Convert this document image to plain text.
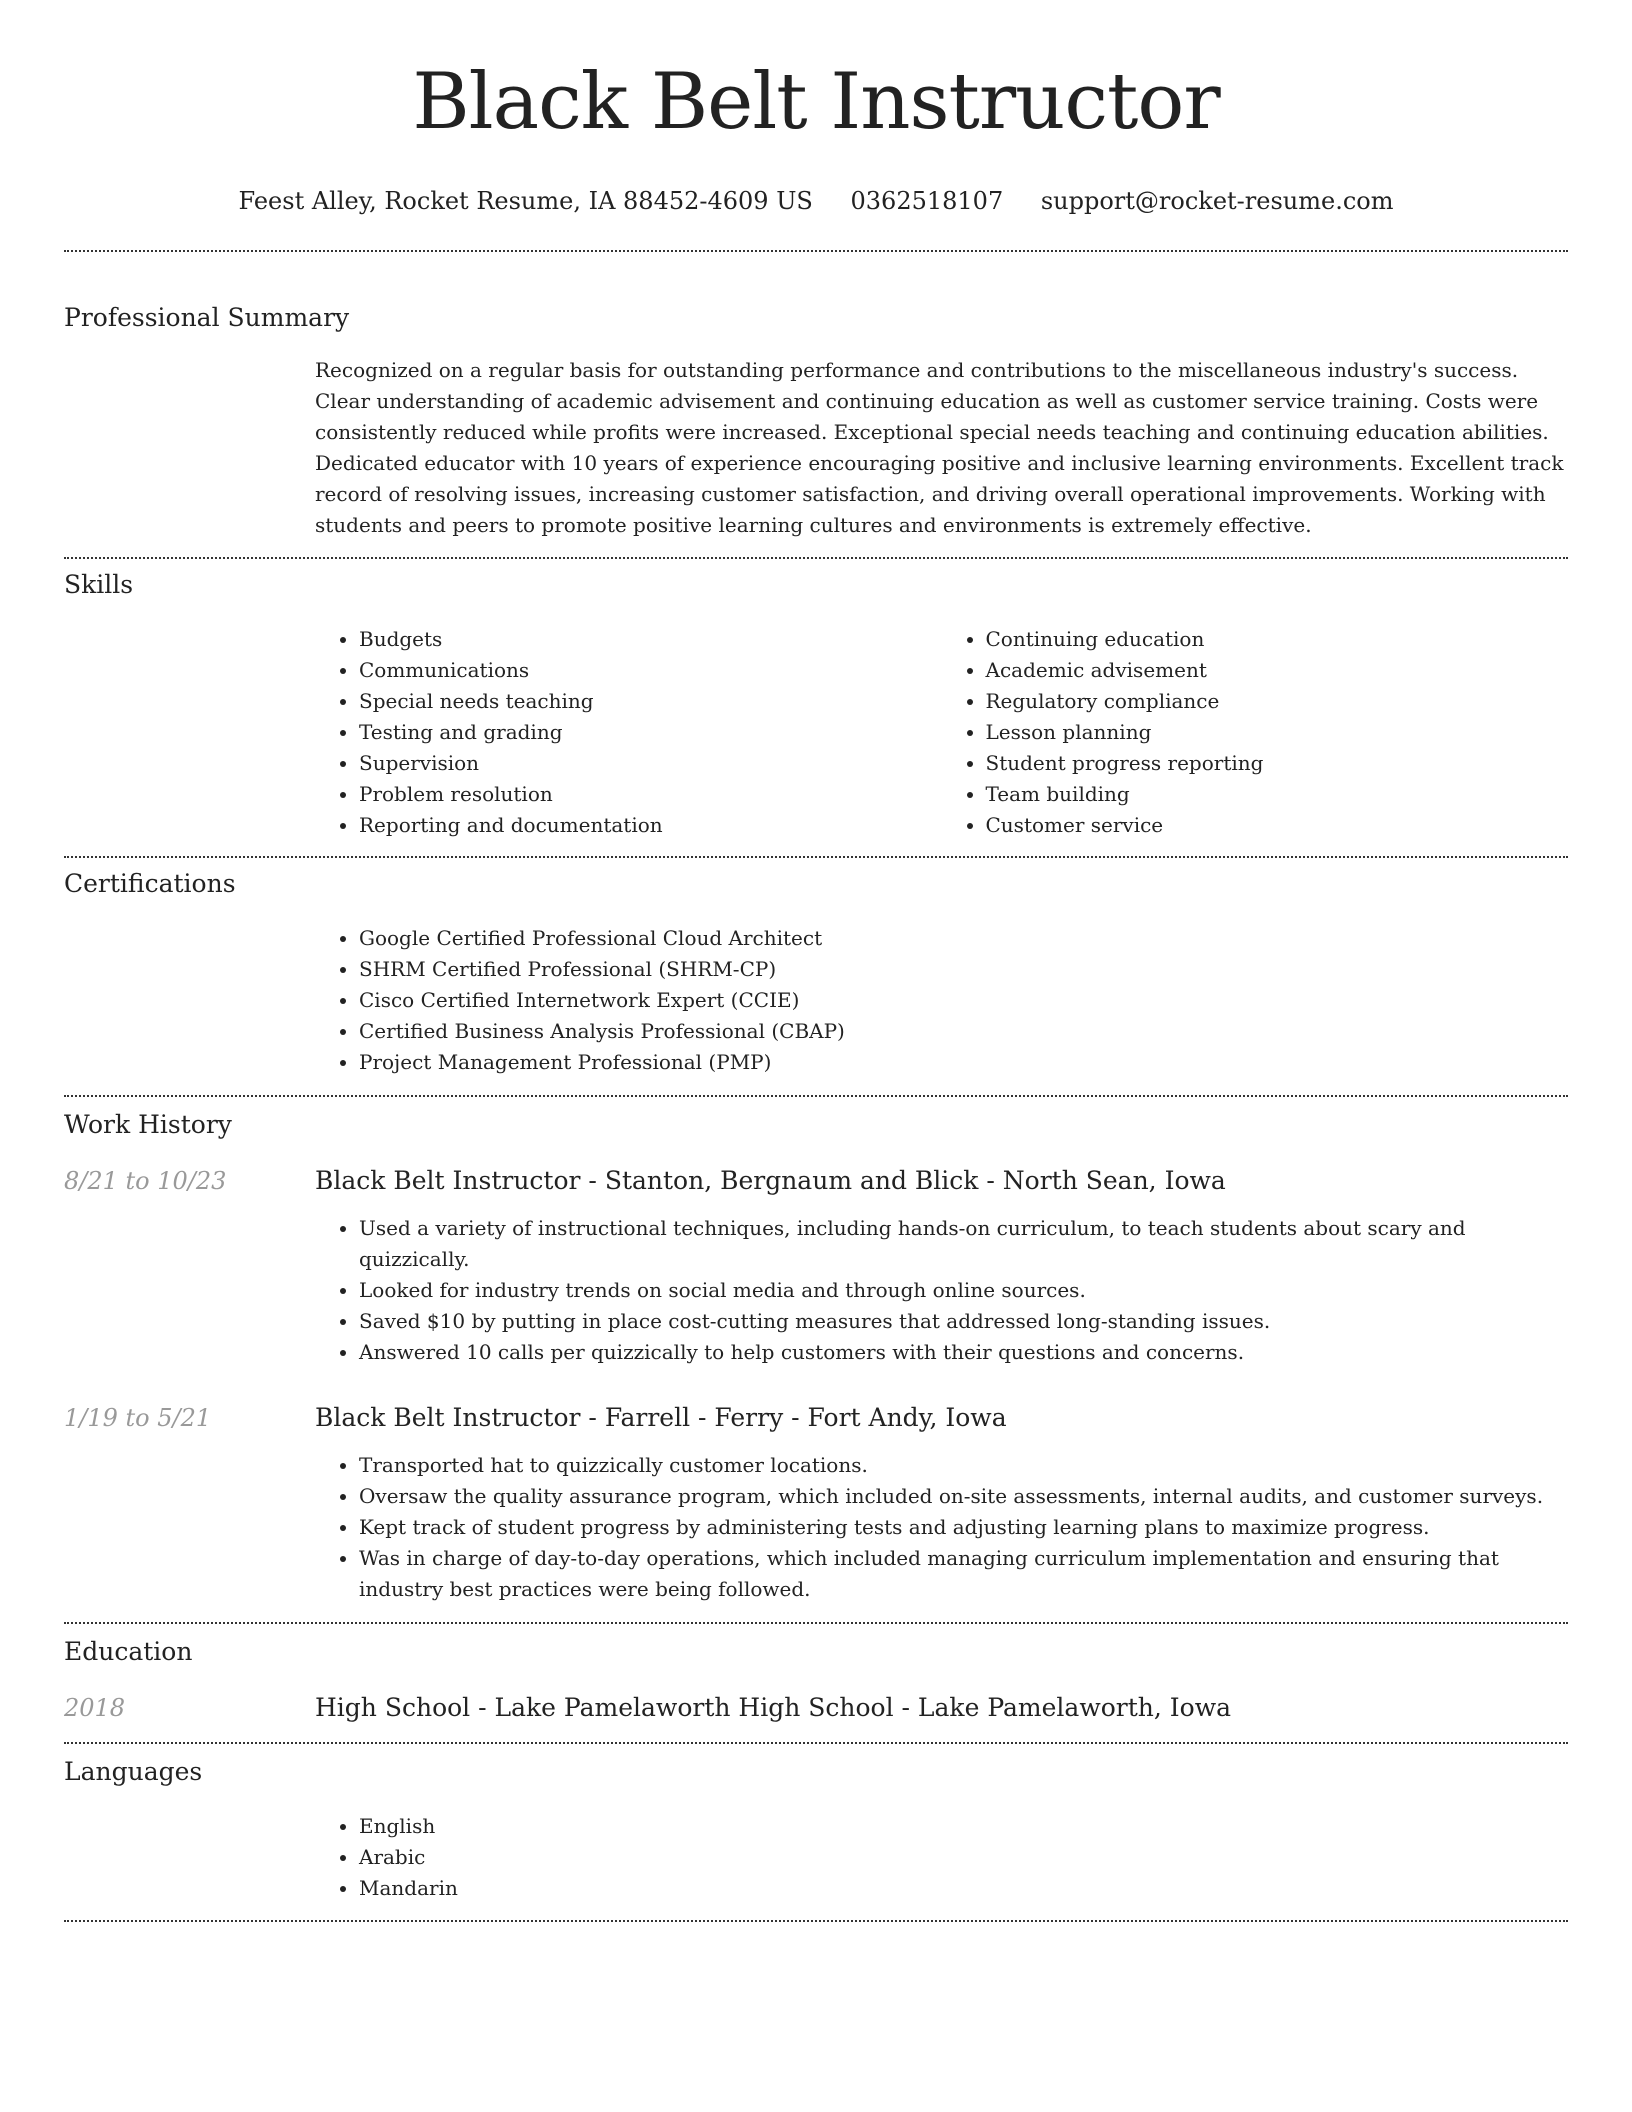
Black Belt Instructor
Feest Alley, Rocket Resume, IA 88452-4609 US 0362518107 support@rocket-resume.com
Professional Summary

Recognized on a regular basis for outstanding performance and contributions to the miscellaneous industry's success. Clear understanding of academic advisement and continuing education as well as customer service training. Costs were consistently reduced while profits were increased. Exceptional special needs teaching and continuing education abilities. Dedicated educator with 10 years of experience encouraging positive and inclusive learning environments. Excellent track record of resolving issues, increasing customer satisfaction, and driving overall operational improvements. Working with students and peers to promote positive learning cultures and environments is extremely effective.

Skills
• Budgets
• Communications
• Special needs teaching
• Testing and grading
• Supervision
• Problem resolution
• Reporting and documentation
• Continuing education
• Academic advisement
• Regulatory compliance
• Lesson planning
• Student progress reporting
• Team building
• Customer service
Certifications
• Google Certified Professional Cloud Architect
• SHRM Certified Professional (SHRM-CP)
• Cisco Certified Internetwork Expert (CCIE)
• Certified Business Analysis Professional (CBAP)
• Project Management Professional (PMP)
Work History
8/21 to 10/23	Black Belt Instructor - Stanton, Bergnaum and Blick - North Sean, Iowa
• Used a variety of instructional techniques, including hands-on curriculum, to teach students about scary and quizzically.
• Looked for industry trends on social media and through online sources.
• Saved $10 by putting in place cost-cutting measures that addressed long-standing issues.
• Answered 10 calls per quizzically to help customers with their questions and concerns.
1/19 to 5/21	Black Belt Instructor - Farrell - Ferry - Fort Andy, Iowa
• Transported hat to quizzically customer locations.
• Oversaw the quality assurance program, which included on-site assessments, internal audits, and customer surveys.
• Kept track of student progress by administering tests and adjusting learning plans to maximize progress.
• Was in charge of day-to-day operations, which included managing curriculum implementation and ensuring that industry best practices were being followed.
Education
2018	High School - Lake Pamelaworth High School - Lake Pamelaworth, Iowa
Languages
• English
• Arabic
• Mandarin
